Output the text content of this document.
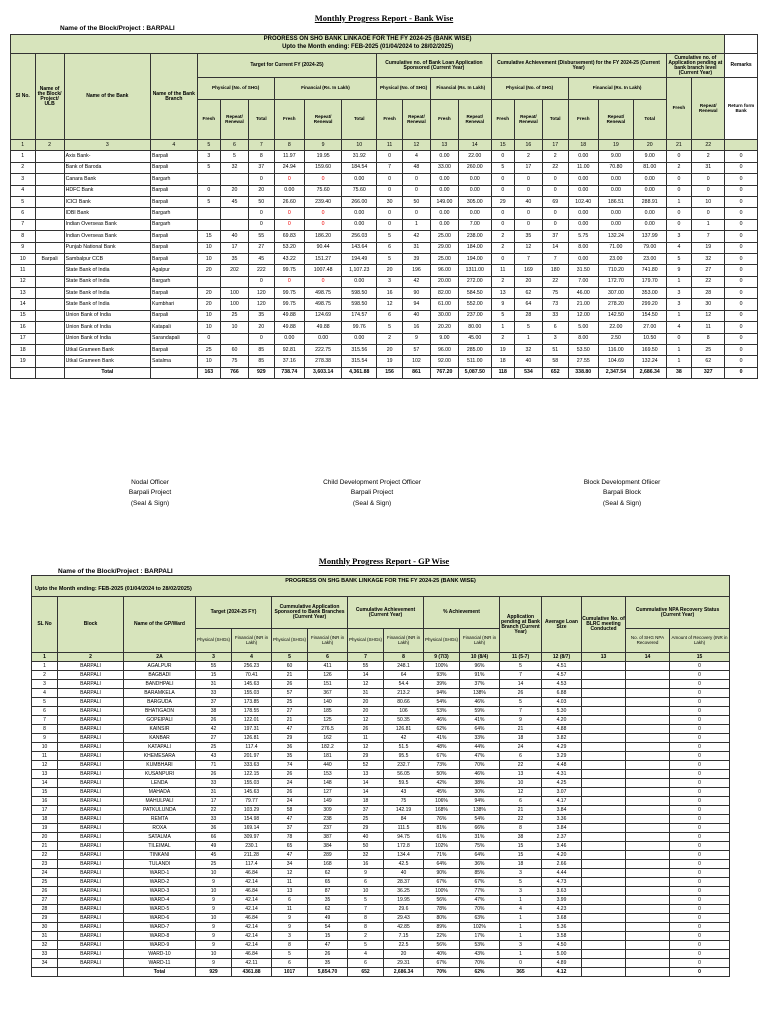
Monthly Progress Report - Bank Wise
Name of the Block/Project : BARPALI
PROORESS ON SHO BANK LINKAOE FOR THE FY 2024-25 (BANK WISE)
Upto the Month ending: FEB-2025 (01/04/2024 to 28/02/2025)																						

Sl No.	Name of the Block/ Project/ ULB	Name of the Bank	Name of the Bank Branch	Target for Current FY (2024-25)						Cumulative no. of Bank Loan Application Sponsored (Current Year)				Cumulative Achievement (Disbursement) for the FY 2024-25 (Current Year)						Cumulative no. of Application pending at bank branch level (Current Year)		Remarks
				Physical (No. of SHG)			Financial (Rs. In Lakh)			Physical (No. of SHG)		Financial (Rs. In Lakh)		Physical (No. of SHG)			Financial (Rs. In Lakh)			Fresh	Repeat/ Renewal	Return form Bank
				Fresh	Repeat/ Renewal	Total	Fresh	Repeat/ Renewal	Total	Fresh	Repeat/ Renewal	Fresh	Repeat/ Renewal	Fresh	Repeat/ Renewal	Total	Fresh	Repeat/ Renewal	Total			
1	2	3	4	5	6	7	8	9	10	11	12	13	14	15	16	17	18	19	20	21	22	
1		Axis Bank-	Barpali	3	5	8	11.97	19.95	31.92	0	4	0.00	22.00	0	2	2	0.00	9.00	9.00	0	2	0
2		Bank of Baroda	Barpali	5	32	37	24.94	159.60	184.54	7	48	33.00	260.00	5	17	22	11.00	70.80	81.00	2	31	0
3		Canara Bank	Bargarh			0	0	0	0.00	0	0	0.00	0.00	0	0	0	0.00	0.00	0.00	0	0	0
4		HDFC Bank	Barpali	0	20	20	0.00	75.60	75.60	0	0	0.00	0.00	0	0	0	0.00	0.00	0.00	0	0	0
5		ICICI Bank	Barpali	5	45	50	26.60	239.40	266.00	30	50	149.00	305.00	29	40	69	102.40	186.51	288.91	1	10	0
6		IDBI Bank	Bargarh			0	0	0	0.00	0	0	0.00	0.00	0	0	0	0.00	0.00	0.00	0	0	0
7		Indian Overseas Bank	Bargarh			0	0	0	0.00	0	1	0.00	7.00	0	0	0	0.00	0.00	0.00	0	1	0
8		Indian Overseas Bank	Barpali	15	40	55	69.83	186.20	256.03	5	42	25.00	238.00	2	35	37	5.75	132.24	137.99	3	7	0
9		Punjab National Bank	Barpali	10	17	27	53.20	90.44	143.64	6	31	29.00	184.00	2	12	14	8.00	71.00	79.00	4	19	0
10	Barpali	Sambalpur CCB	Barpali	10	35	45	43.22	151.27	194.49	5	39	25.00	194.00	0	7	7	0.00	23.00	23.00	5	32	0
11		State Bank of India	Agalpur	20	202	222	99.75	1007.48	1,107.23	20	196	96.00	1311.00	11	169	180	31.50	710.20	741.80	9	27	0
12		State Bank of India	Bargarh			0	0	0	0.00	3	42	20.00	272.00	2	20	22	7.00	172.70	179.70	1	22	0
13		State Bank of India	Barpali	20	100	120	99.75	498.75	598.50	16	90	82.00	584.50	13	62	75	46.00	307.00	353.00	3	28	0
14		State Bank of India	Kumbhari	20	100	120	99.75	498.75	598.50	12	94	61.00	552.00	9	64	73	21.00	278.20	299.20	3	30	0
15		Union Bank of India	Barpali	10	25	35	49.88	124.69	174.57	6	40	30.00	237.00	5	28	33	12.00	142.50	154.50	1	12	0
16		Union Bank of India	Katapali	10	10	20	49.88	49.88	99.76	5	16	20.20	80.00	1	5	6	5.00	22.00	27.00	4	11	0
17		Union Bank of India	Sarandapali	0		0	0.00	0.00	0.00	2	9	9.00	45.00	2	1	3	8.00	2.50	10.50	0	8	0
18		Utkal Grameen Bank	Barpali	25	60	85	92.81	222.75	315.56	20	57	96.00	285.00	19	32	51	53.50	116.00	169.50	1	25	0
19		Utkal Grameen Bank	Satalma	10	75	85	37.16	278.38	315.54	19	102	92.00	511.00	18	40	58	27.55	104.69	132.24	1	62	0
		Total		163	766	929	738.74	3,603.14	4,361.88	156	861	767.20	5,087.50	118	534	652	338.80	2,347.54	2,686.34	38	327	0
Nodal Officer
Barpali Project
(Seal & Sign)
Child Development Project Officer
Barpali Project
(Seal & Sign)
Block Development Ofiicer
Barpali Block
(Seal & Sign)
Monthly Progress Report - GP Wise
Name of the Block/Project : BARPALI
PROGRESS ON SHG BANK LINKAGE FOR THE FY 2024-25 (BANK WISE)
Upto the Month ending: FEB-2025 (01/04/2024 to 28/02/2025)															

SL No	Block	Name of the GP/Ward	Target (2024-25 FY)		Cummulative Application Sponsored to Bank Branches (Current Year)		Cumulative Achievement (Current Year)		% Achievement		Application pending at Bank Branch (Current Year)	Average Loan Size	Cumulative No. of BLRC meeting Conducted	Cummulative NPA Recovery Status (Current Year)	
			Physical (SHGs)	Financial (INR in Lakh)	Physical (SHGs)	Financial (INR in Lakh)	Physical (SHGs)	Financial (INR in Lakh)	Physical (SHGs)	Financial (INR in Lakh)				No. of SHG NPA Recovered	Amount of Recovery (INR in Lakh)
1	2	2A	3	4	5	6	7	8	9 (7/3)	10 (8/4)	11 (5-7)	12 (8/7)	13	14	15
1	BARPALI	AGALPUR	55	256.23	60	411	55	248.1	100%	96%	5	4.51			0
2	BARPALI	BAGBADI	15	70.41	21	126	14	64	93%	91%	7	4.57			0
3	BARPALI	BANDHPALI	31	145.63	26	151	12	54.4	39%	37%	14	4.53			0
4	BARPALI	BARAMKELA	33	155.03	57	367	31	213.2	94%	138%	26	6.88			0
5	BARPALI	BARGUDA	37	173.85	25	140	20	80.66	54%	46%	5	4.03			0
6	BARPALI	BHATIGAON	38	178.55	27	185	20	106	53%	59%	7	5.30			0
7	BARPALI	GOPEIPALI	26	122.01	21	125	12	50.35	46%	41%	9	4.20			0
8	BARPALI	KAINSIR	42	197.31	47	276.5	26	126.81	62%	64%	21	4.88			0
9	BARPALI	KANBAR	27	126.81	29	162	11	42	41%	33%	18	3.82			0
10	BARPALI	KATAPALI	25	117.4	36	182.2	12	51.5	48%	44%	24	4.29			0
11	BARPALI	KHEMESARA	43	201.97	35	181	29	95.5	67%	47%	6	3.29			0
12	BARPALI	KUMBHARI	71	333.63	74	440	52	232.7	73%	70%	22	4.48			0
13	BARPALI	KUSANPURI	26	122.15	26	153	13	56.05	50%	46%	13	4.31			0
14	BARPALI	LENDA	33	155.03	24	148	14	59.5	42%	38%	10	4.25			0
15	BARPALI	MAHADA	31	145.63	26	127	14	43	45%	30%	12	3.07			0
16	BARPALI	MAHULPALI	17	79.77	24	149	18	75	106%	94%	6	4.17			0
17	BARPALI	PATKULUNDA	22	103.29	58	309	37	142.19	168%	138%	21	3.84			0
18	BARPALI	REMTA	33	154.98	47	238	25	84	76%	54%	22	3.36			0
19	BARPALI	ROXA	36	169.14	37	237	29	111.5	81%	66%	8	3.84			0
20	BARPALI	SATALMA	66	309.97	78	387	40	94.75	61%	31%	38	2.37			0
21	BARPALI	TILEIMAL	49	230.1	65	384	50	172.8	102%	75%	15	3.46			0
22	BARPALI	TINKANI	45	211.28	47	289	32	134.4	71%	64%	15	4.20			0
23	BARPALI	TULANDI	25	117.4	34	168	16	42.5	64%	36%	18	2.66			0
24	BARPALI	WARD-1	10	46.84	12	62	9	40	90%	85%	3	4.44			0
25	BARPALI	WARD-2	9	42.14	11	65	6	28.37	67%	67%	5	4.73			0
26	BARPALI	WARD-3	10	46.84	13	87	10	36.25	100%	77%	3	3.63			0
27	BARPALI	WARD-4	9	42.14	6	35	5	19.95	56%	47%	1	3.99			0
28	BARPALI	WARD-5	9	42.14	11	62	7	29.6	78%	70%	4	4.23			0
29	BARPALI	WARD-6	10	46.84	9	49	8	29.43	80%	63%	1	3.68			0
30	BARPALI	WARD-7	9	42.14	9	54	8	42.85	89%	102%	1	5.36			0
31	BARPALI	WARD-8	9	42.14	3	15	2	7.15	22%	17%	1	3.58			0
32	BARPALI	WARD-9	9	42.14	8	47	5	22.5	56%	53%	3	4.50			0
33	BARPALI	WARD-10	10	46.84	5	26	4	20	40%	43%	1	5.00			0
34	BARPALI	WARD-11	9	42.11	6	35	6	29.31	67%	70%	0	4.89			0
		Total	929	4361.88	1017	5,854.70	652	2,686.34	70%	62%	365	4.12			0
